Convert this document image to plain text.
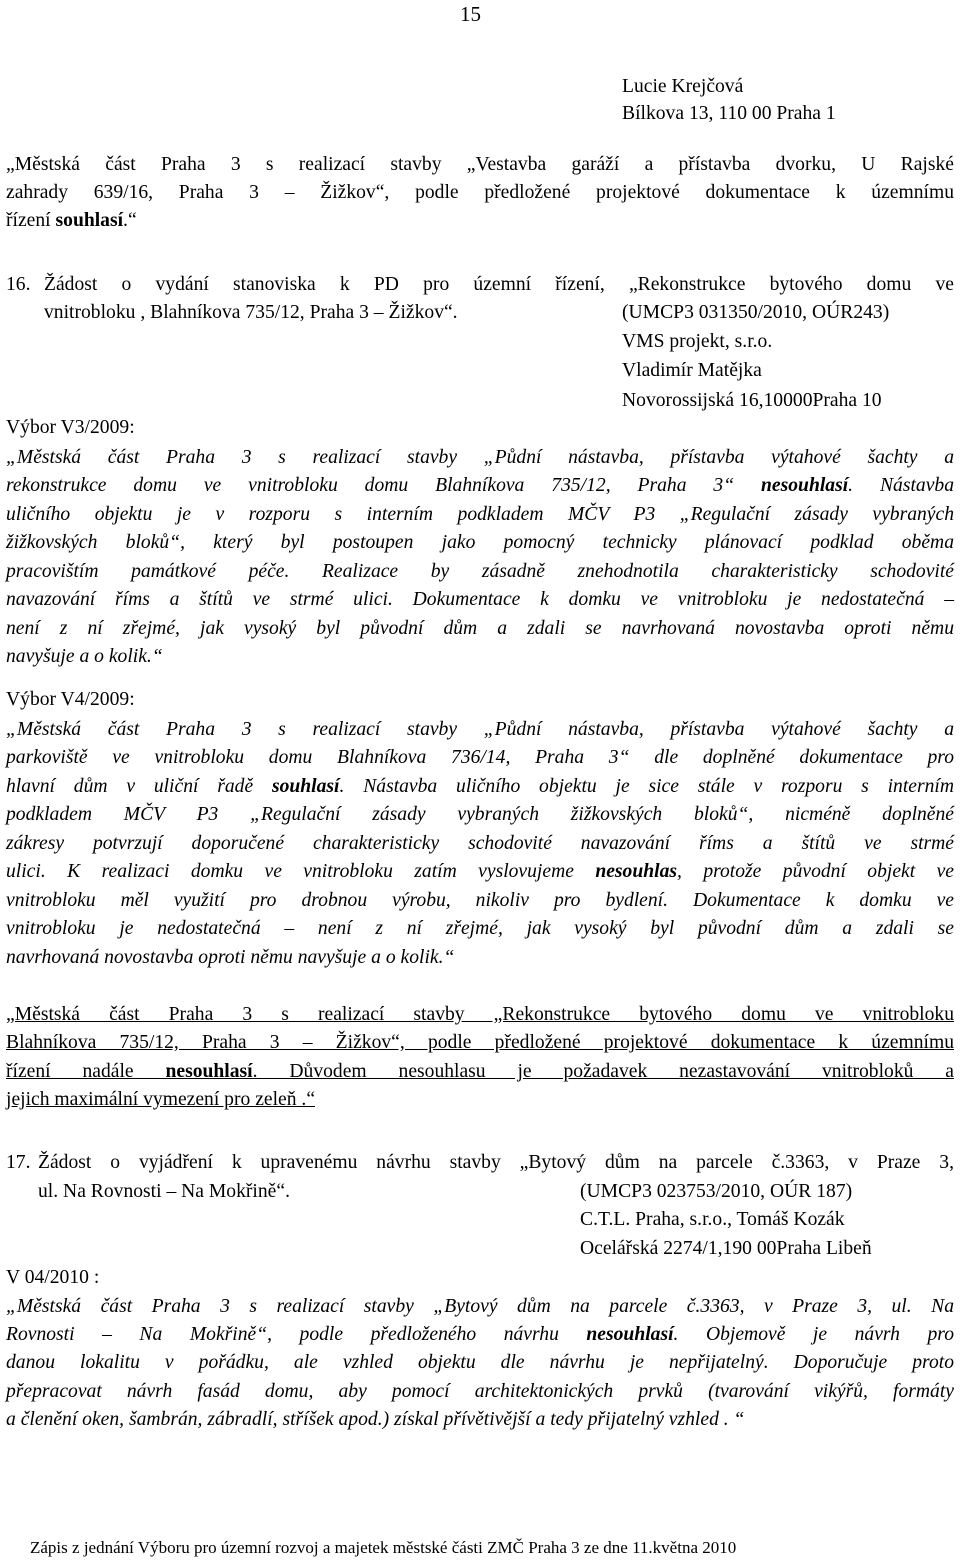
15
Lucie Krejčová
Bílkova 13, 110 00 Praha 1
„Městská část Praha 3 s realizací stavby „Vestavba garáží a přístavba dvorku, U Rajské
zahrady 639/16, Praha 3 – Žižkov“, podle předložené projektové dokumentace k územnímu
řízení souhlasí.“
16. Žádost o vydání stanoviska k PD pro územní řízení, „Rekonstrukce bytového domu ve
vnitrobloku , Blahníkova 735/12, Praha 3 – Žižkov“.	(UMCP3 031350/2010, OÚR243)
VMS projekt, s.r.o.
Vladimír Matějka
Novorossijská 16,10000Praha 10
Výbor V3/2009:
„Městská část Praha 3 s realizací stavby „Půdní nástavba, přístavba výtahové šachty a
rekonstrukce domu ve vnitrobloku domu Blahníkova 735/12, Praha 3“ nesouhlasí. Nástavba
uličního objektu je v rozporu s interním podkladem MČV P3 „Regulační zásady vybraných
žižkovských bloků“, který byl postoupen jako pomocný technicky plánovací podklad oběma
pracovištím památkové péče. Realizace by zásadně znehodnotila charakteristicky schodovité
navazování říms a štítů ve strmé ulici. Dokumentace k domku ve vnitrobloku je nedostatečná –
není z ní zřejmé, jak vysoký byl původní dům a zdali se navrhovaná novostavba oproti němu
navyšuje a o kolik.“
Výbor V4/2009:
„Městská část Praha 3 s realizací stavby „Půdní nástavba, přístavba výtahové šachty a
parkoviště ve vnitrobloku domu Blahníkova 736/14, Praha 3“ dle doplněné dokumentace pro
hlavní dům v uliční řadě souhlasí. Nástavba uličního objektu je sice stále v rozporu s interním
podkladem MČV P3 „Regulační zásady vybraných žižkovských bloků“, nicméně doplněné
zákresy potvrzují doporučené charakteristicky schodovité navazování říms a štítů ve strmé
ulici. K realizaci domku ve vnitrobloku zatím vyslovujeme nesouhlas, protože původní objekt ve
vnitrobloku měl využití pro drobnou výrobu, nikoliv pro bydlení. Dokumentace k domku ve
vnitrobloku je nedostatečná – není z ní zřejmé, jak vysoký byl původní dům a zdali se
navrhovaná novostavba oproti němu navyšuje a o kolik.“
„Městská část Praha 3 s realizací stavby „Rekonstrukce bytového domu ve vnitrobloku
Blahníkova 735/12, Praha 3 – Žižkov“, podle předložené projektové dokumentace k územnímu
řízení nadále nesouhlasí. Důvodem nesouhlasu je požadavek nezastavování vnitrobloků a
jejich maximální vymezení pro zeleň .“
17. Žádost o vyjádření k upravenému návrhu stavby „Bytový dům na parcele č.3363, v Praze 3,
ul. Na Rovnosti – Na Mokřině“.	(UMCP3 023753/2010, OÚR 187)
C.T.L. Praha, s.r.o., Tomáš Kozák
Ocelářská 2274/1,190 00Praha Libeň
V 04/2010 :
„Městská část Praha 3 s realizací stavby „Bytový dům na parcele č.3363, v Praze 3, ul. Na
Rovnosti – Na Mokřině“, podle předloženého návrhu nesouhlasí. Objemově je návrh pro
danou lokalitu v pořádku, ale vzhled objektu dle návrhu je nepřijatelný. Doporučuje proto
přepracovat návrh fasád domu, aby pomocí architektonických prvků (tvarování vikýřů, formáty
a členění oken, šambrán, zábradlí, stříšek apod.) získal přívětivější a tedy přijatelný vzhled . “
Zápis z jednání Výboru pro územní rozvoj a majetek městské části ZMČ Praha 3 ze dne 11.května 2010
